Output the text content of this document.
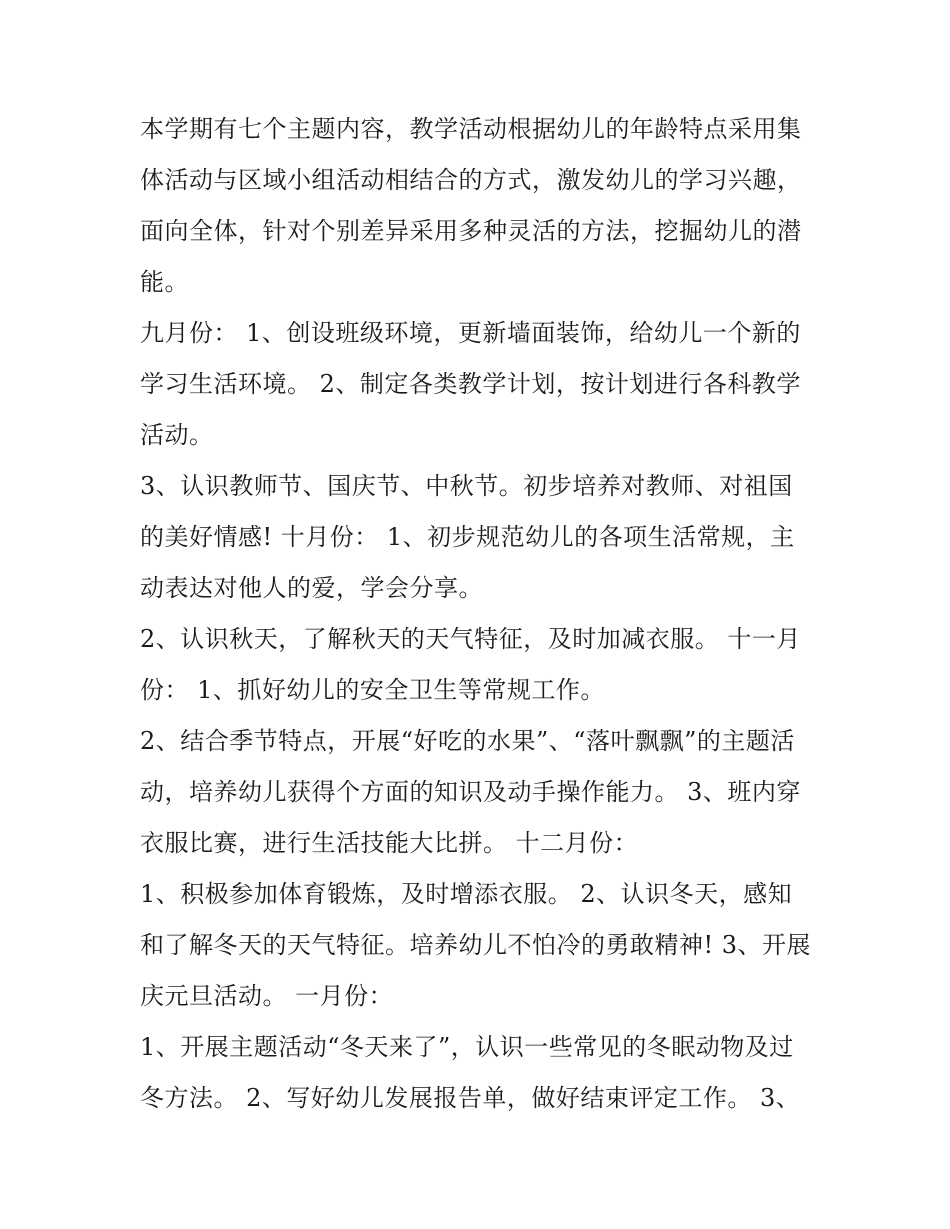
本学期有七个主题内容，教学活动根据幼儿的年龄特点采用集
体活动与区域小组活动相结合的方式，激发幼儿的学习兴趣，
面向全体，针对个别差异采用多种灵活的方法，挖掘幼儿的潜
能。
九月份： 1、创设班级环境，更新墙面装饰，给幼儿一个新的
学习生活环境。 2、制定各类教学计划，按计划进行各科教学
活动。
3、认识教师节、国庆节、中秋节。初步培养对教师、对祖国
的美好情感! 十月份： 1、初步规范幼儿的各项生活常规，主
动表达对他人的爱，学会分享。
2、认识秋天，了解秋天的天气特征，及时加减衣服。 十一月
份： 1、抓好幼儿的安全卫生等常规工作。
2、结合季节特点，开展“好吃的水果”、“落叶飘飘”的主题活
动，培养幼儿获得个方面的知识及动手操作能力。 3、班内穿
衣服比赛，进行生活技能大比拼。 十二月份：
1、积极参加体育锻炼，及时增添衣服。 2、认识冬天，感知
和了解冬天的天气特征。培养幼儿不怕冷的勇敢精神! 3、开展
庆元旦活动。 一月份：
1、开展主题活动“冬天来了”，认识一些常见的冬眠动物及过
冬方法。 2、写好幼儿发展报告单，做好结束评定工作。 3、
